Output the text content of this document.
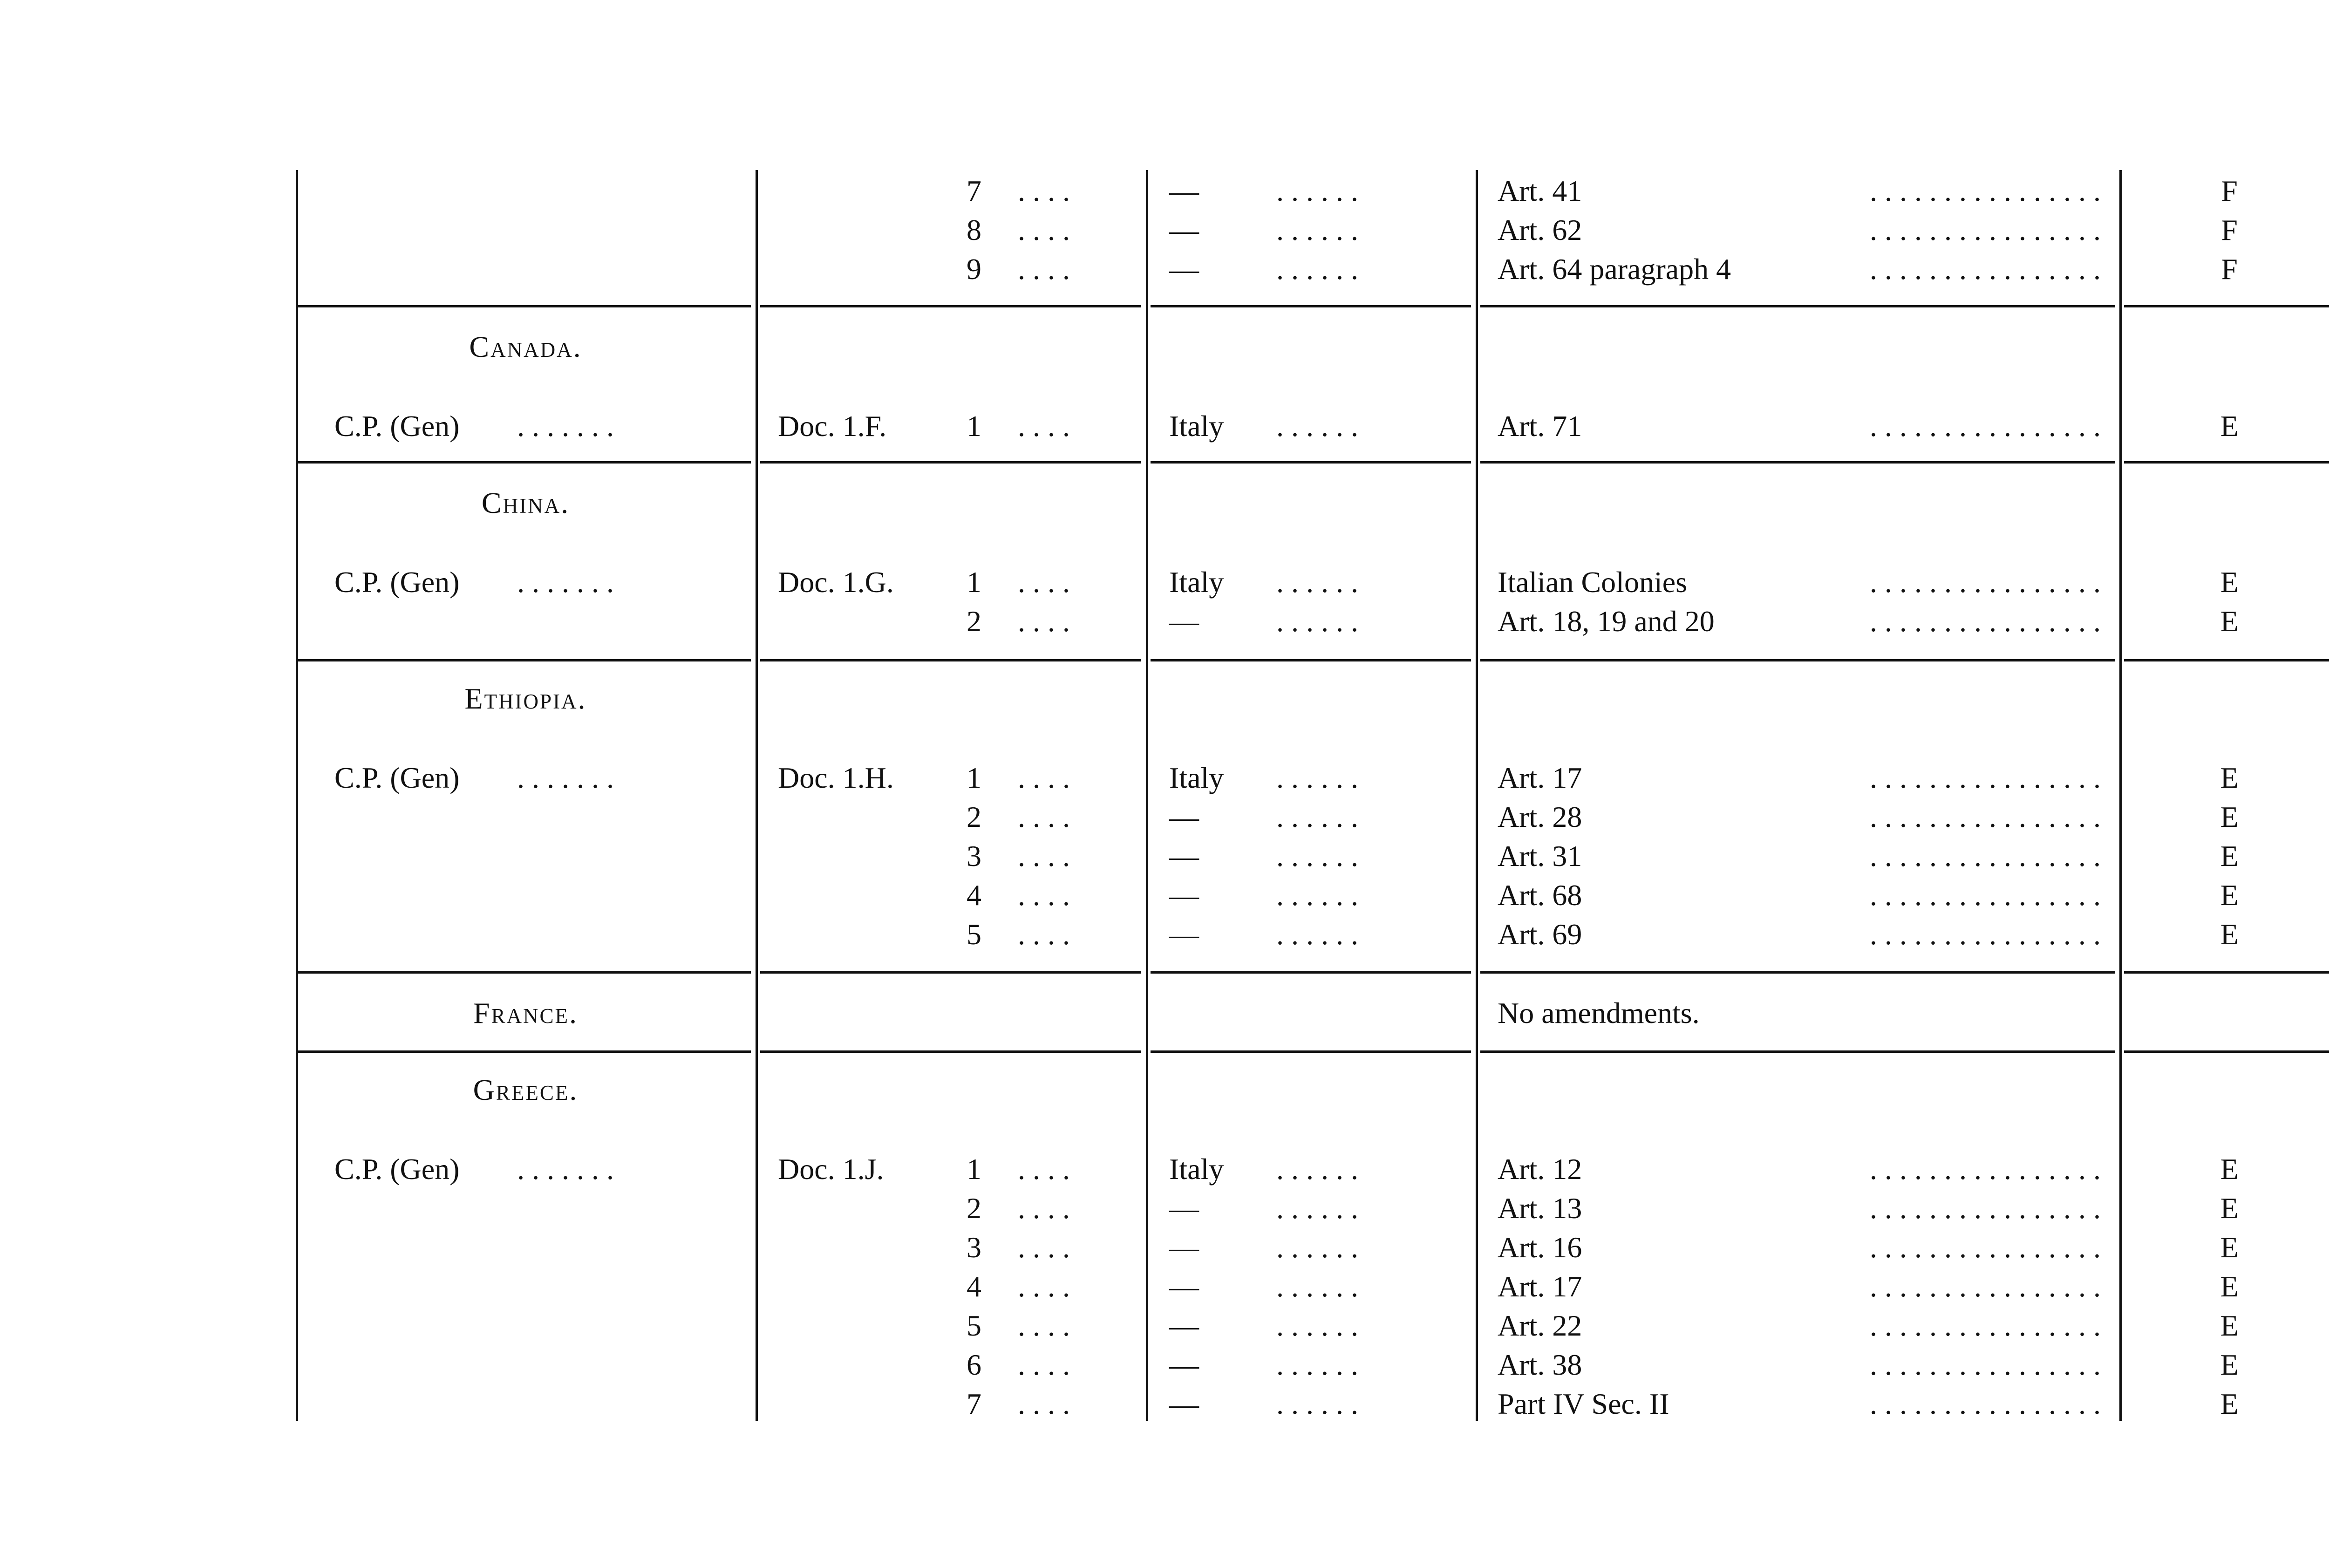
7 . . . .	—	. . . . . .	Art. 41	. . . . . . . . . . . . . . . .	F
8 . . . .	—	. . . . . .	Art. 62	. . . . . . . . . . . . . . . .	F
9 . . . .	—	. . . . . .	Art. 64 paragraph 4	. . . . . . . . . . . . . . . .	F
Canada.
C.P. (Gen) . . . . . . .	Doc. 1.F.	1 . . . .	Italy . . . . . .	Art. 71	. . . . . . . . . . . . . . . .	E
China.
C.P. (Gen) . . . . . . .	Doc. 1.G. 1 . . . .	Italy . . . . . .	Italian Colonies	. . . . . . . . . . . . . . . .	E
2 . . . .	—	. . . . . .	Art. 18, 19 and 20	. . . . . . . . . . . . . . . .	E
Ethiopia.
C.P. (Gen) . . . . . . .	Doc. 1.H. 1 . . . .	Italy . . . . . .	Art. 17	. . . . . . . . . . . . . . . .	E
2 . . . .	—	. . . . . .	Art. 28	. . . . . . . . . . . . . . . .	E
3 . . . .	—	. . . . . .	Art. 31	. . . . . . . . . . . . . . . .	E
4 . . . .	—	. . . . . .	Art. 68	. . . . . . . . . . . . . . . .	E
5 . . . .	—	. . . . . .	Art. 69	. . . . . . . . . . . . . . . .	E
France.	No amendments.
Greece.
C.P. (Gen) . . . . . . .	Doc. 1.J.	1 . . . .	Italy . . . . . .	Art. 12	. . . . . . . . . . . . . . . .	E
2 . . . .	—	. . . . . .	Art. 13	. . . . . . . . . . . . . . . .	E
3 . . . .	—	. . . . . .	Art. 16	. . . . . . . . . . . . . . . .	E
4 . . . .	—	. . . . . .	Art. 17	. . . . . . . . . . . . . . . .	E
5 . . . .	—	. . . . . .	Art. 22	. . . . . . . . . . . . . . . .	E
6 . . . .	—	. . . . . .	Art. 38	. . . . . . . . . . . . . . . .	E
7 . . . .	—	. . . . . .	Part IV Sec. II	. . . . . . . . . . . . . . . .	E
